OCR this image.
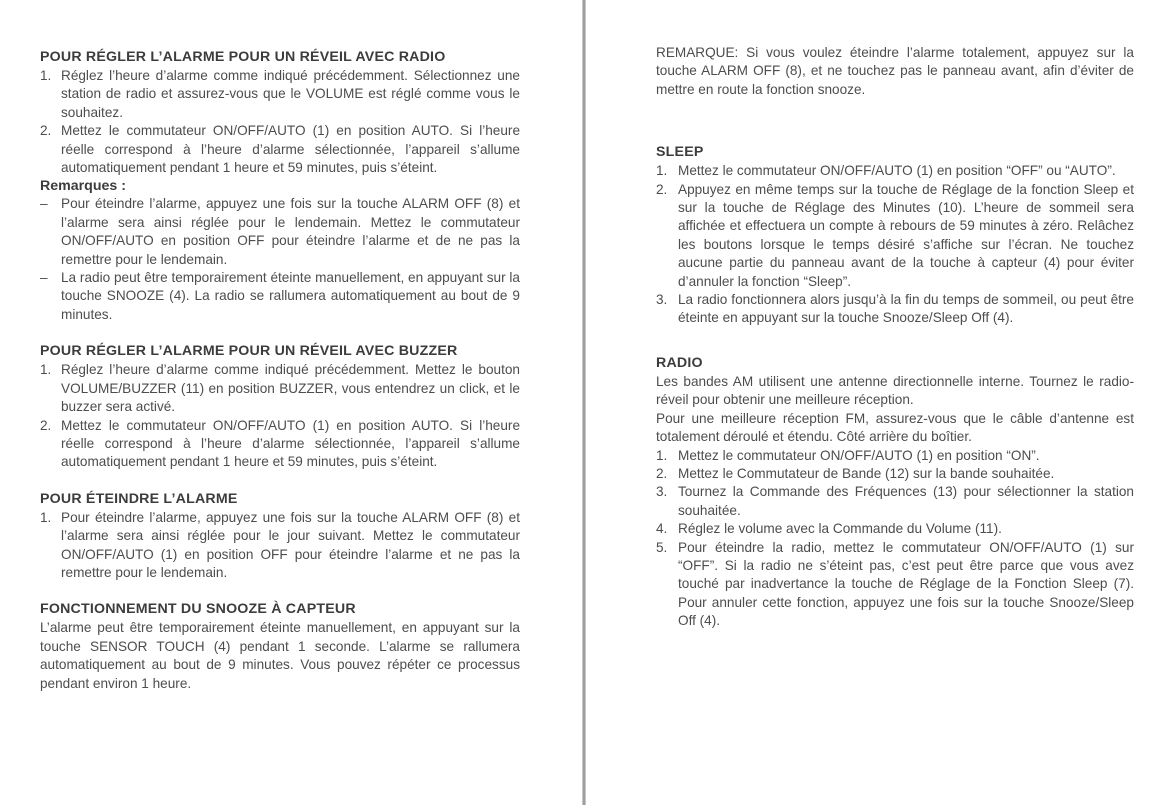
POUR RÉGLER L’ALARME POUR UN RÉVEIL AVEC RADIO
1. Réglez l’heure d’alarme comme indiqué précédemment. Sélectionnez une station de radio et assurez-vous que le VOLUME est réglé comme vous le souhaitez.
2. Mettez le commutateur ON/OFF/AUTO (1) en position AUTO. Si l’heure réelle correspond à l’heure d’alarme sélectionnée, l’appareil s’allume automatiquement pendant 1 heure et 59 minutes, puis s’éteint.
Remarques :
– Pour éteindre l’alarme, appuyez une fois sur la touche ALARM OFF (8) et l’alarme sera ainsi réglée pour le lendemain. Mettez le commutateur ON/OFF/AUTO en position OFF pour éteindre l’alarme et de ne pas la remettre pour le lendemain.
– La radio peut être temporairement éteinte manuellement, en appuyant sur la touche SNOOZE (4). La radio se rallumera automatiquement au bout de 9 minutes.
POUR RÉGLER L’ALARME POUR UN RÉVEIL AVEC BUZZER
1. Réglez l’heure d’alarme comme indiqué précédemment. Mettez le bouton VOLUME/BUZZER (11) en position BUZZER, vous entendrez un click, et le buzzer sera activé.
2. Mettez le commutateur ON/OFF/AUTO (1) en position AUTO. Si l’heure réelle correspond à l’heure d’alarme sélectionnée, l’appareil s’allume automatiquement pendant 1 heure et 59 minutes, puis s’éteint.
POUR ÉTEINDRE L’ALARME
1. Pour éteindre l’alarme, appuyez une fois sur la touche ALARM OFF (8) et l’alarme sera ainsi réglée pour le jour suivant. Mettez le commutateur ON/OFF/AUTO (1) en position OFF pour éteindre l’alarme et ne pas la remettre pour le lendemain.
FONCTIONNEMENT DU SNOOZE À CAPTEUR

L’alarme peut être temporairement éteinte manuellement, en appuyant sur la touche SENSOR TOUCH (4) pendant 1 seconde. L’alarme se rallumera automatiquement au bout de 9 minutes. Vous pouvez répéter ce processus pendant environ 1 heure.

REMARQUE: Si vous voulez éteindre l’alarme totalement, appuyez sur la touche ALARM OFF (8), et ne touchez pas le panneau avant, afin d’éviter de mettre en route la fonction snooze.

SLEEP
1. Mettez le commutateur ON/OFF/AUTO (1) en position “OFF” ou “AUTO”.
2. Appuyez en même temps sur la touche de Réglage de la fonction Sleep et sur la touche de Réglage des Minutes (10). L’heure de sommeil sera affichée et effectuera un compte à rebours de 59 minutes à zéro. Relâchez les boutons lorsque le temps désiré s’affiche sur l’écran. Ne touchez aucune partie du panneau avant de la touche à capteur (4) pour éviter d’annuler la fonction “Sleep”.
3. La radio fonctionnera alors jusqu’à la fin du temps de sommeil, ou peut être éteinte en appuyant sur la touche Snooze/Sleep Off (4).
RADIO

Les bandes AM utilisent une antenne directionnelle interne. Tournez le radio-réveil pour obtenir une meilleure réception.

Pour une meilleure réception FM, assurez-vous que le câble d’antenne est totalement déroulé et étendu. Côté arrière du boîtier.

1. Mettez le commutateur ON/OFF/AUTO (1) en position “ON”.
2. Mettez le Commutateur de Bande (12) sur la bande souhaitée.
3. Tournez la Commande des Fréquences (13) pour sélectionner la station souhaitée.
4. Réglez le volume avec la Commande du Volume (11).
5. Pour éteindre la radio, mettez le commutateur ON/OFF/AUTO (1) sur “OFF”. Si la radio ne s’éteint pas, c’est peut être parce que vous avez touché par inadvertance la touche de Réglage de la Fonction Sleep (7). Pour annuler cette fonction, appuyez une fois sur la touche Snooze/Sleep Off (4).
